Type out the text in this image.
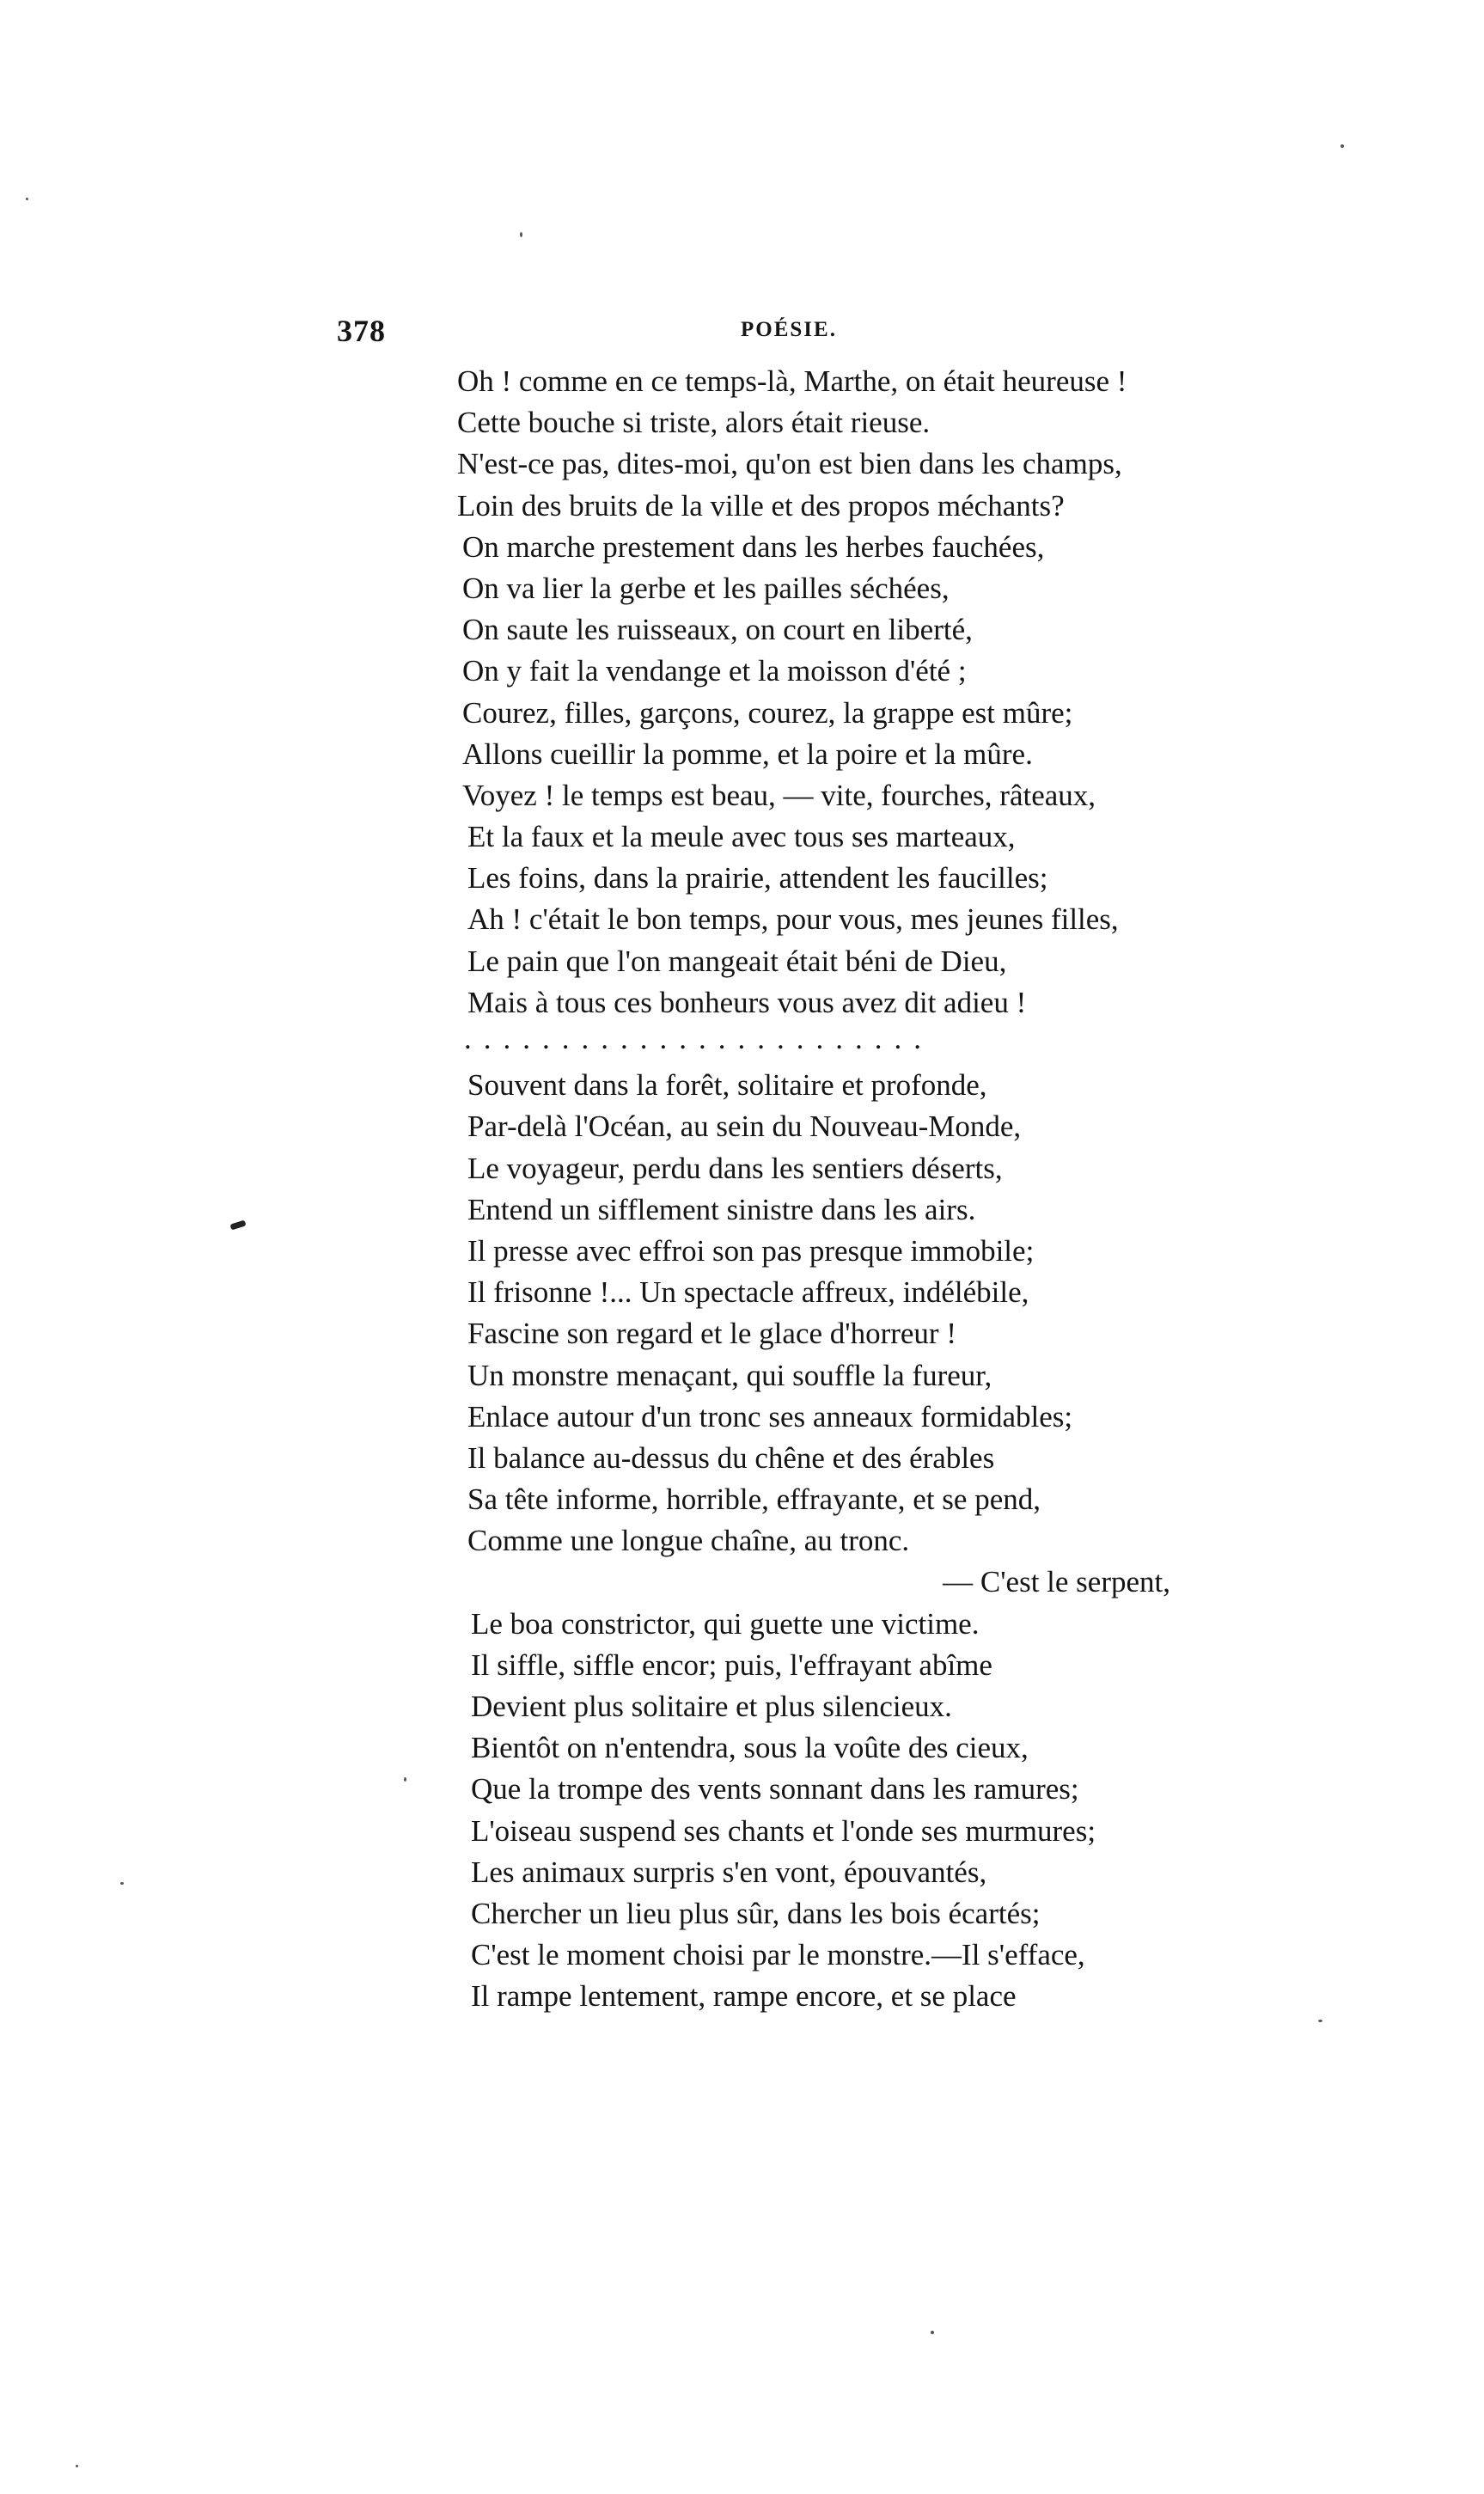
378	POÉSIE.
Oh ! comme en ce temps-là, Marthe, on était heureuse !
Cette bouche si triste, alors était rieuse.
N'est-ce pas, dites-moi, qu'on est bien dans les champs,
Loin des bruits de la ville et des propos méchants?
On marche prestement dans les herbes fauchées,
On va lier la gerbe et les pailles séchées,
On saute les ruisseaux, on court en liberté,
On y fait la vendange et la moisson d'été ;
Courez, filles, garçons, courez, la grappe est mûre;
Allons cueillir la pomme, et la poire et la mûre.
Voyez ! le temps est beau, — vite, fourches, râteaux,
Et la faux et la meule avec tous ses marteaux,
Les foins, dans la prairie, attendent les faucilles;
Ah ! c'était le bon temps, pour vous, mes jeunes filles,
Le pain que l'on mangeait était béni de Dieu,
Mais à tous ces bonheurs vous avez dit adieu !
........................
Souvent dans la forêt, solitaire et profonde,
Par-delà l'Océan, au sein du Nouveau-Monde,
Le voyageur, perdu dans les sentiers déserts,
Entend un sifflement sinistre dans les airs.
Il presse avec effroi son pas presque immobile;
Il frisonne !... Un spectacle affreux, indélébile,
Fascine son regard et le glace d'horreur !
Un monstre menaçant, qui souffle la fureur,
Enlace autour d'un tronc ses anneaux formidables;
Il balance au-dessus du chêne et des érables
Sa tête informe, horrible, effrayante, et se pend,
Comme une longue chaîne, au tronc.
— C'est le serpent,
Le boa constrictor, qui guette une victime.
Il siffle, siffle encor; puis, l'effrayant abîme
Devient plus solitaire et plus silencieux.
Bientôt on n'entendra, sous la voûte des cieux,
Que la trompe des vents sonnant dans les ramures;
L'oiseau suspend ses chants et l'onde ses murmures;
Les animaux surpris s'en vont, épouvantés,
Chercher un lieu plus sûr, dans les bois écartés;
C'est le moment choisi par le monstre.—Il s'efface,
Il rampe lentement, rampe encore, et se place
